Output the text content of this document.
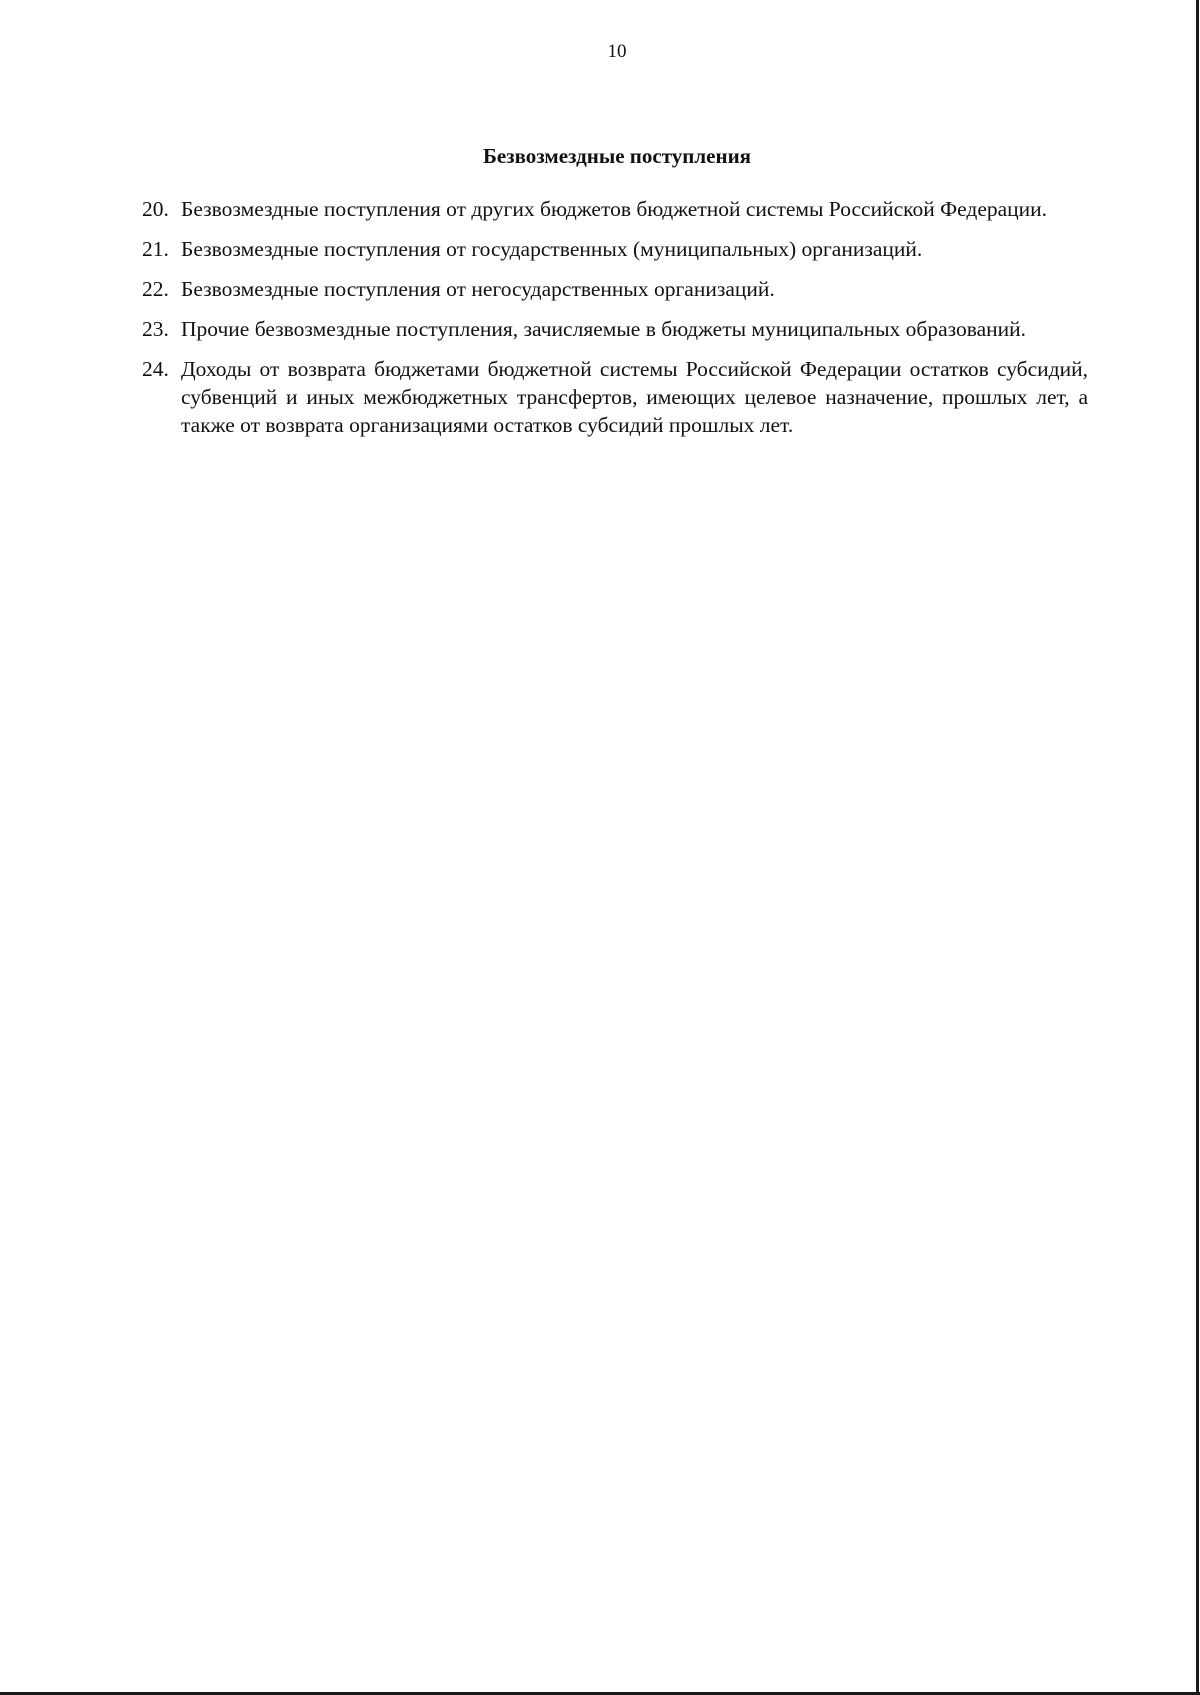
10
Безвозмездные поступления
20. Безвозмездные поступления от других бюджетов бюджетной системы Российской Федерации.
21. Безвозмездные поступления от государственных (муниципальных) организаций.
22. Безвозмездные поступления от негосударственных организаций.
23. Прочие безвозмездные поступления, зачисляемые в бюджеты муниципальных образований.
24. Доходы от возврата бюджетами бюджетной системы Российской Федерации остатков субсидий, субвенций и иных межбюджетных трансфертов, имеющих целевое назначение, прошлых лет, а также от возврата организациями остатков субсидий прошлых лет.
